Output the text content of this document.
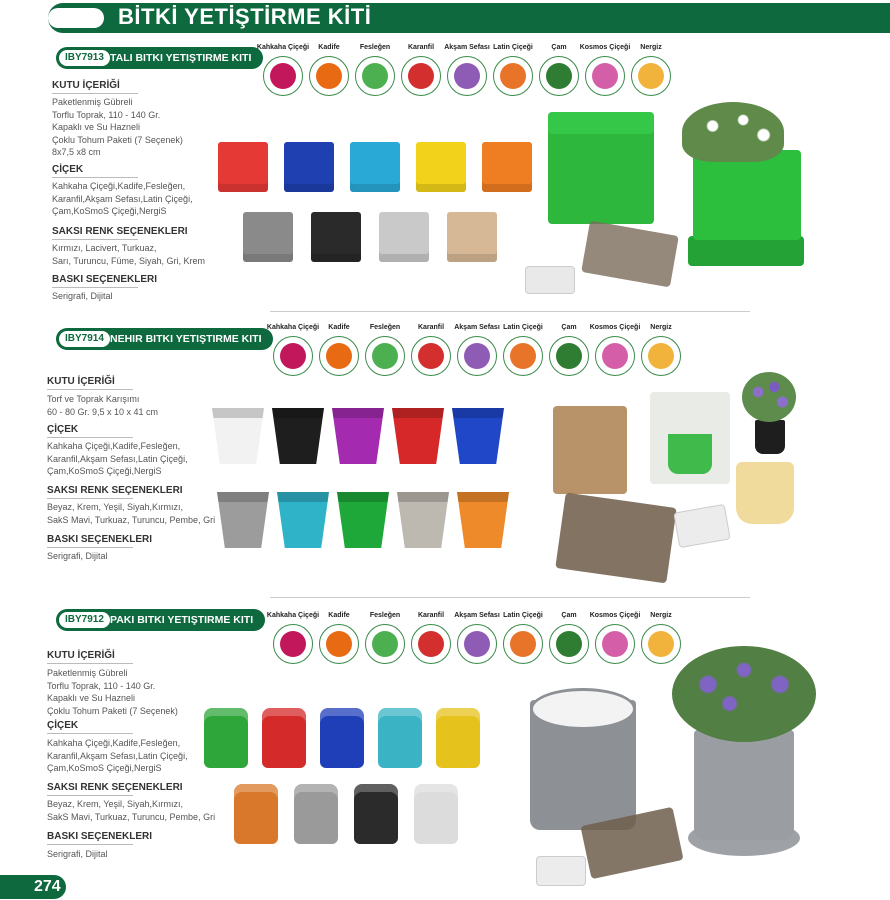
BİTKİ YETİŞTİRME KİTİ
IBY7913 TALI BITKI YETIŞTIRME KITI
KUTU İÇERİĞİ
Paketlenmiş Gübreli
Torflu Toprak, 110 - 140 Gr.
Kapaklı ve Su Hazneli
Çoklu Tohum Paketi (7 Seçenek)
8x7,5 x8 cm
ÇİÇEK
Kahkaha Çiçeği,Kadife,Fesleğen,
Karanfil,Akşam Sefası,Latin Çiçeği,
Çam,KoSmoS Çiçeği,NergiS
SAKSI RENK SEÇENEKLERI
Kırmızı, Lacivert, Turkuaz,
Sarı, Turuncu, Füme, Siyah, Gri, Krem
BASKI SEÇENEKLERI
Serigrafi, Dijital
Kahkaha Çiçeği	Kadife	Fesleğen	Karanfil	Akşam Sefası Latin Çiçeği	Çam	Kosmos Çiçeği	Nergiz
IBY7914 NEHIR BITKI YETIŞTIRME KITI
KUTU İÇERİĞİ
Torf ve Toprak Karışımı
60 - 80 Gr. 9,5 x 10 x 41 cm
ÇİÇEK
Kahkaha Çiçeği,Kadife,Fesleğen,
Karanfil,Akşam Sefası,Latin Çiçeği,
Çam,KoSmoS Çiçeği,NergiS
SAKSI RENK SEÇENEKLERI
Beyaz, Krem, Yeşil, Siyah,Kırmızı,
SakS Mavi, Turkuaz, Turuncu, Pembe, Gri
BASKI SEÇENEKLERI
Serigrafi, Dijital
Kahkaha Çiçeği	Kadife	Fesleğen	Karanfil	Akşam Sefası Latin Çiçeği	Çam	Kosmos Çiçeği	Nergiz
IBY7912 PAKI BITKI YETIŞTIRME KITI
KUTU İÇERİĞİ
Paketlenmiş Gübreli
Torflu Toprak, 110 - 140 Gr.
Kapaklı ve Su Hazneli
Çoklu Tohum Paketi (7 Seçenek)
ÇİÇEK
Kahkaha Çiçeği,Kadife,Fesleğen,
Karanfil,Akşam Sefası,Latin Çiçeği,
Çam,KoSmoS Çiçeği,NergiS
SAKSI RENK SEÇENEKLERI
Beyaz, Krem, Yeşil, Siyah,Kırmızı,
SakS Mavi, Turkuaz, Turuncu, Pembe, Gri
BASKI SEÇENEKLERI
Serigrafi, Dijital
Kahkaha Çiçeği	Kadife	Fesleğen	Karanfil	Akşam Sefası Latin Çiçeği	Çam	Kosmos Çiçeği	Nergiz
274
